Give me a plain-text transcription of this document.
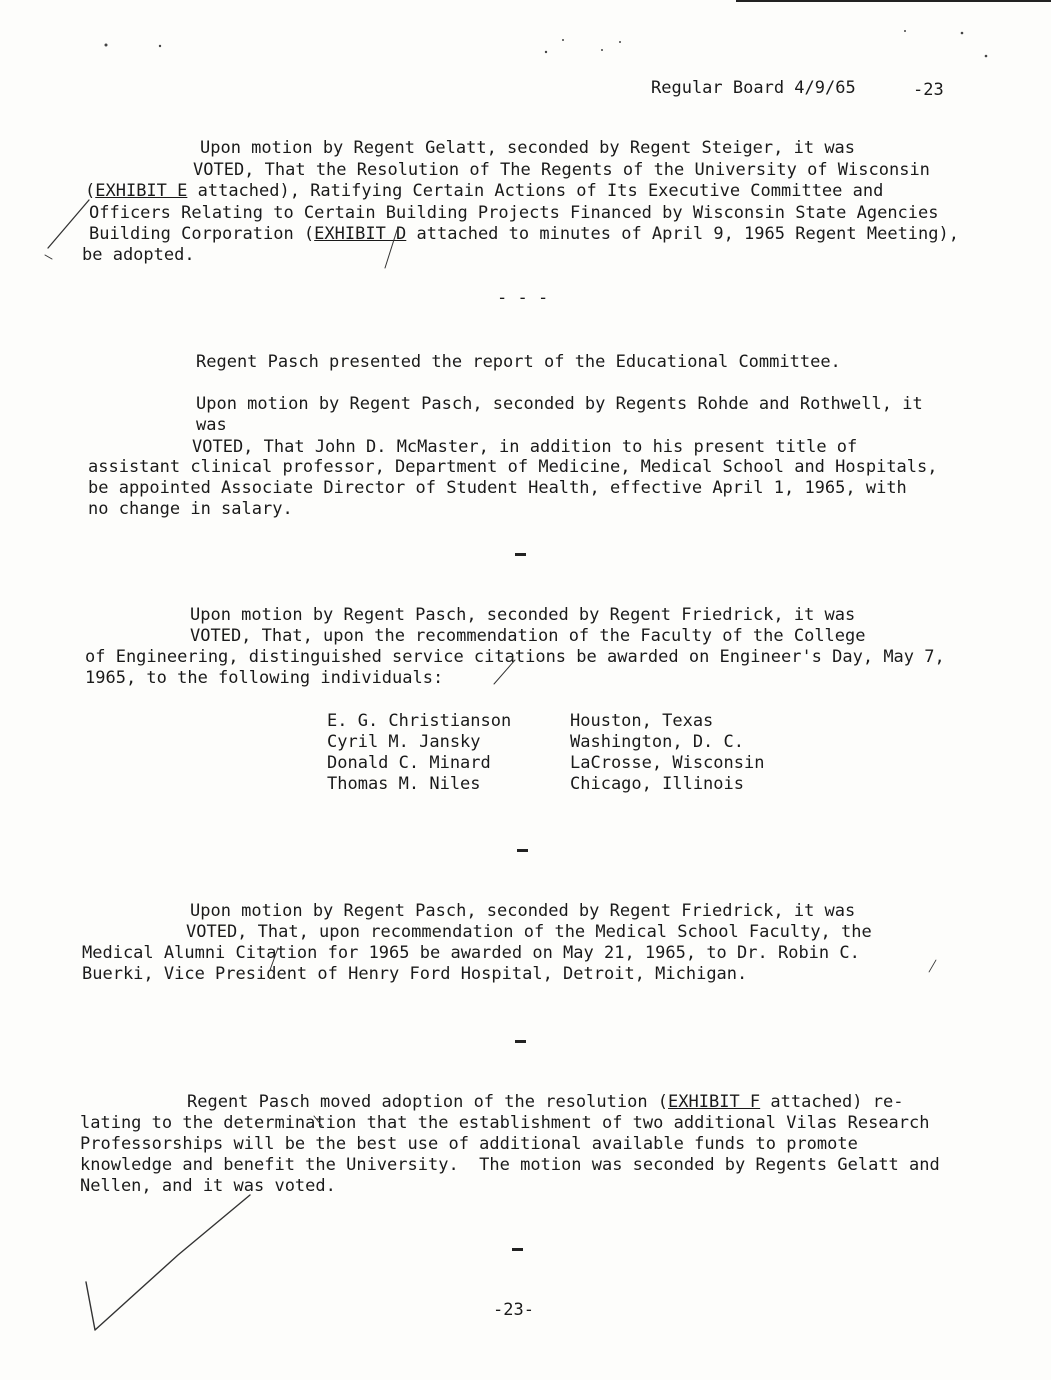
Regular Board 4/9/65	-23
Upon motion by Regent Gelatt, seconded by Regent Steiger, it was
VOTED, That the Resolution of The Regents of the University of Wisconsin
(EXHIBIT E attached), Ratifying Certain Actions of Its Executive Committee and
Officers Relating to Certain Building Projects Financed by Wisconsin State Agencies
Building Corporation (EXHIBIT D attached to minutes of April 9, 1965 Regent Meeting),
be adopted.
- - -
Regent Pasch presented the report of the Educational Committee.
Upon motion by Regent Pasch, seconded by Regents Rohde and Rothwell, it
was
VOTED, That John D. McMaster, in addition to his present title of
assistant clinical professor, Department of Medicine, Medical School and Hospitals,
be appointed Associate Director of Student Health, effective April 1, 1965, with
no change in salary.
Upon motion by Regent Pasch, seconded by Regent Friedrick, it was
VOTED, That, upon the recommendation of the Faculty of the College
of Engineering, distinguished service citations be awarded on Engineer's Day, May 7,
1965, to the following individuals:
E. G. Christianson	Houston, Texas
Cyril M. Jansky	Washington, D. C.
Donald C. Minard	LaCrosse, Wisconsin
Thomas M. Niles	Chicago, Illinois
Upon motion by Regent Pasch, seconded by Regent Friedrick, it was
VOTED, That, upon recommendation of the Medical School Faculty, the
Medical Alumni Citation for 1965 be awarded on May 21, 1965, to Dr. Robin C.
Buerki, Vice President of Henry Ford Hospital, Detroit, Michigan.
Regent Pasch moved adoption of the resolution (EXHIBIT F attached) re-
lating to the determination that the establishment of two additional Vilas Research
Professorships will be the best use of additional available funds to promote
knowledge and benefit the University.  The motion was seconded by Regents Gelatt and
Nellen, and it was voted.
-23-
